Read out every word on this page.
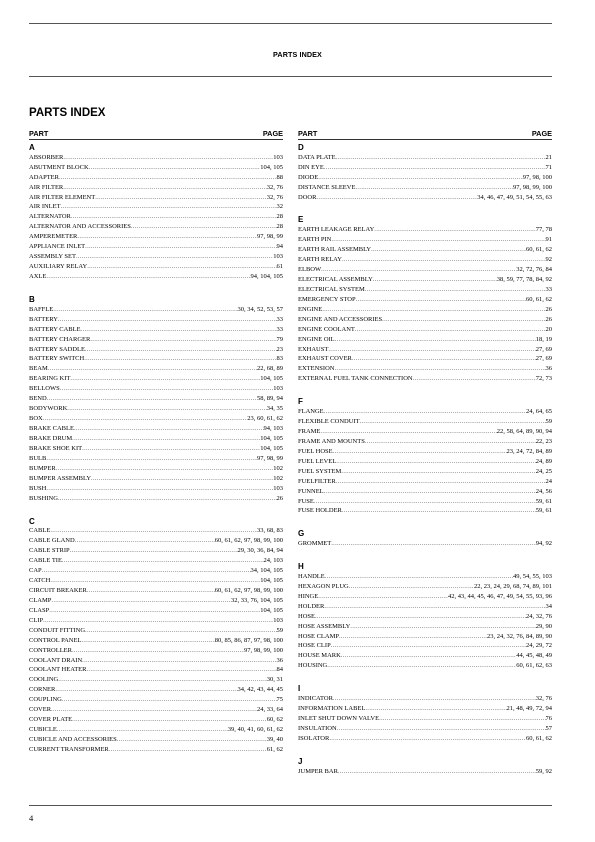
PARTS INDEX
PARTS INDEX
PART	PAGE
A
ABSORBER .....	103
ABUTMENT BLOCK .....	104, 105
ADAPTER .....	88
AIR FILTER .....	32, 76
AIR FILTER ELEMENT .....	32, 76
AIR INLET .....	32
ALTERNATOR .....	28
ALTERNATOR AND ACCESSORIES .....	28
AMPEREMETER .....	97, 98, 99
APPLIANCE INLET .....	94
ASSEMBLY SET .....	103
AUXILIARY RELAY .....	61
AXLE .....	94, 104, 105
B
BAFFLE .....	30, 34, 52, 53, 57
BATTERY .....	33
BATTERY CABLE .....	33
BATTERY CHARGER .....	79
BATTERY SADDLE .....	23
BATTERY SWITCH .....	83
BEAM .....	22, 68, 89
BEARING KIT .....	104, 105
BELLOWS .....	103
BEND .....	58, 89, 94
BODYWORK .....	34, 35
BOX .....	23, 60, 61, 62
BRAKE CABLE .....	94, 103
BRAKE DRUM .....	104, 105
BRAKE SHOE KIT .....	104, 105
BULB .....	97, 98, 99
BUMPER .....	102
BUMPER ASSEMBLY .....	102
BUSH .....	103
BUSHING .....	26
C
CABLE .....	33, 68, 83
CABLE GLAND .....	60, 61, 62, 97, 98, 99, 100
CABLE STRIP .....	29, 30, 36, 84, 94
CABLE TIE .....	24, 103
CAP .....	34, 104, 105
CATCH .....	104, 105
CIRCUIT BREAKER .....	60, 61, 62, 97, 98, 99, 100
CLAMP .....	32, 33, 76, 104, 105
CLASP .....	104, 105
CLIP .....	103
CONDUIT FITTING .....	59
CONTROL PANEL .....	80, 85, 86, 87, 97, 98, 100
CONTROLLER .....	97, 98, 99, 100
COOLANT DRAIN .....	36
COOLANT HEATER .....	84
COOLING .....	30, 31
CORNER .....	34, 42, 43, 44, 45
COUPLING .....	75
COVER .....	24, 33, 64
COVER PLATE .....	60, 62
CUBICLE .....	39, 40, 41, 60, 61, 62
CUBICLE AND ACCESSORIES .....	39, 40
CURRENT TRANSFORMER .....	61, 62
PART	PAGE
D
DATA PLATE .....	21
DIN EYE .....	71
DIODE .....	97, 98, 100
DISTANCE SLEEVE .....	97, 98, 99, 100
DOOR .....	34, 46, 47, 49, 51, 54, 55, 63
E
EARTH LEAKAGE RELAY .....	77, 78
EARTH PIN .....	91
EARTH RAIL ASSEMBLY .....	60, 61, 62
EARTH RELAY .....	92
ELBOW .....	32, 72, 76, 84
ELECTRICAL ASSEMBLY .....	38, 59, 77, 78, 84, 92
ELECTRICAL SYSTEM .....	33
EMERGENCY STOP .....	60, 61, 62
ENGINE .....	26
ENGINE AND ACCESSORIES .....	26
ENGINE COOLANT .....	20
ENGINE OIL .....	18, 19
EXHAUST .....	27, 69
EXHAUST COVER .....	27, 69
EXTENSION .....	36
EXTERNAL FUEL TANK CONNECTION .....	72, 73
F
FLANGE .....	24, 64, 65
FLEXIBLE CONDUIT .....	59
FRAME .....	22, 58, 64, 89, 90, 94
FRAME AND MOUNTS .....	22, 23
FUEL HOSE .....	23, 24, 72, 84, 89
FUEL LEVEL .....	24, 89
FUEL SYSTEM .....	24, 25
FUELFILTER .....	24
FUNNEL .....	24, 56
FUSE .....	59, 61
FUSE HOLDER .....	59, 61
G
GROMMET .....	94, 92
H
HANDLE .....	49, 54, 55, 103
HEXAGON PLUG .....	22, 23, 24, 29, 68, 74, 89, 101
HINGE .....	42, 43, 44, 45, 46, 47, 49, 54, 55, 93, 96
HOLDER .....	34
HOSE .....	24, 32, 76
HOSE ASSEMBLY .....	29, 90
HOSE CLAMP .....	23, 24, 32, 76, 84, 89, 90
HOSE CLIP .....	24, 29, 72
HOUSE MARK .....	44, 45, 48, 49
HOUSING .....	60, 61, 62, 63
I
INDICATOR .....	32, 76
INFORMATION LABEL .....	21, 48, 49, 72, 94
INLET SHUT DOWN VALVE .....	76
INSULATION .....	57
ISOLATOR .....	60, 61, 62
J
JUMPER BAR .....	59, 92
4
